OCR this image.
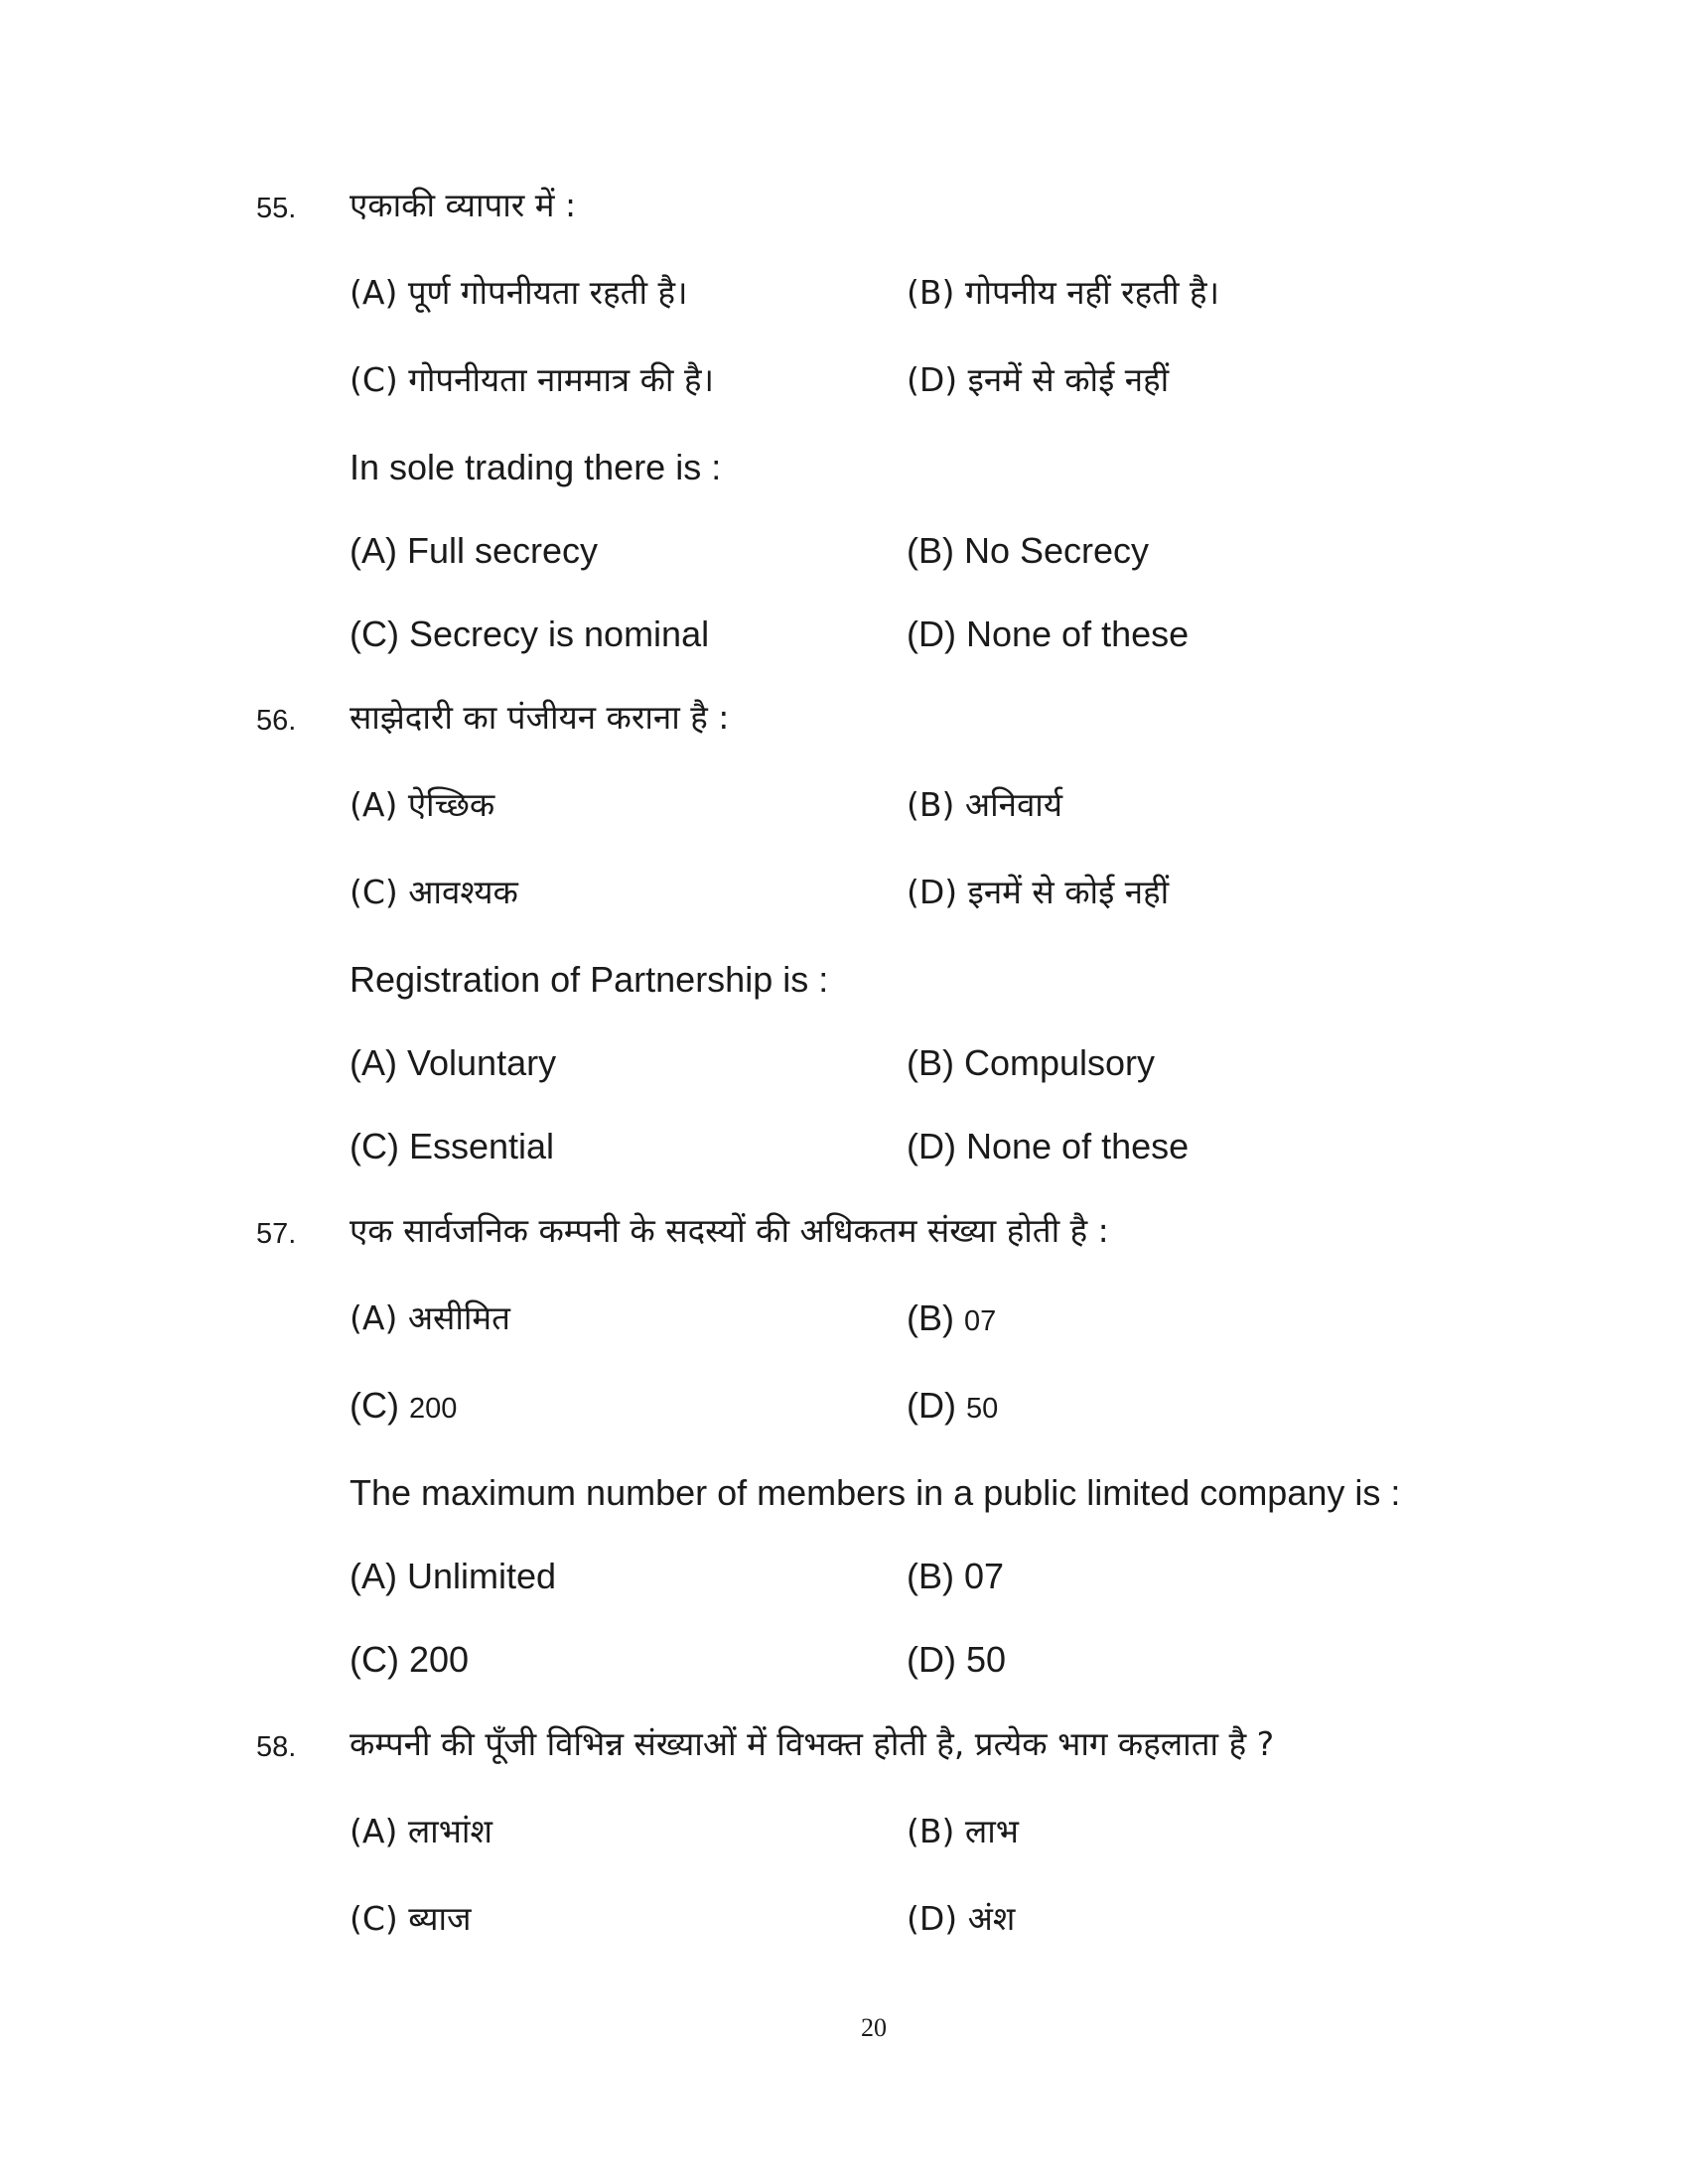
55. एकाकी व्यापार में :
(A) पूर्ण गोपनीयता रहती है।	(B) गोपनीय नहीं रहती है।
(C) गोपनीयता नाममात्र की है।	(D) इनमें से कोई नहीं
In sole trading there is :
(A) Full secrecy	(B) No Secrecy
(C) Secrecy is nominal	(D) None of these
56. साझेदारी का पंजीयन कराना है :
(A) ऐच्छिक	(B) अनिवार्य
(C) आवश्यक	(D) इनमें से कोई नहीं
Registration of Partnership is :
(A) Voluntary	(B) Compulsory
(C) Essential	(D) None of these
57. एक सार्वजनिक कम्पनी के सदस्यों की अधिकतम संख्या होती है :
(A) असीमित	(B) 07
(C) 200	(D) 50
The maximum number of members in a public limited company is :
(A) Unlimited	(B) 07
(C) 200	(D) 50
58. कम्पनी की पूँजी विभिन्न संख्याओं में विभक्त होती है, प्रत्येक भाग कहलाता है ?
(A) लाभांश	(B) लाभ
(C) ब्याज	(D) अंश
20
